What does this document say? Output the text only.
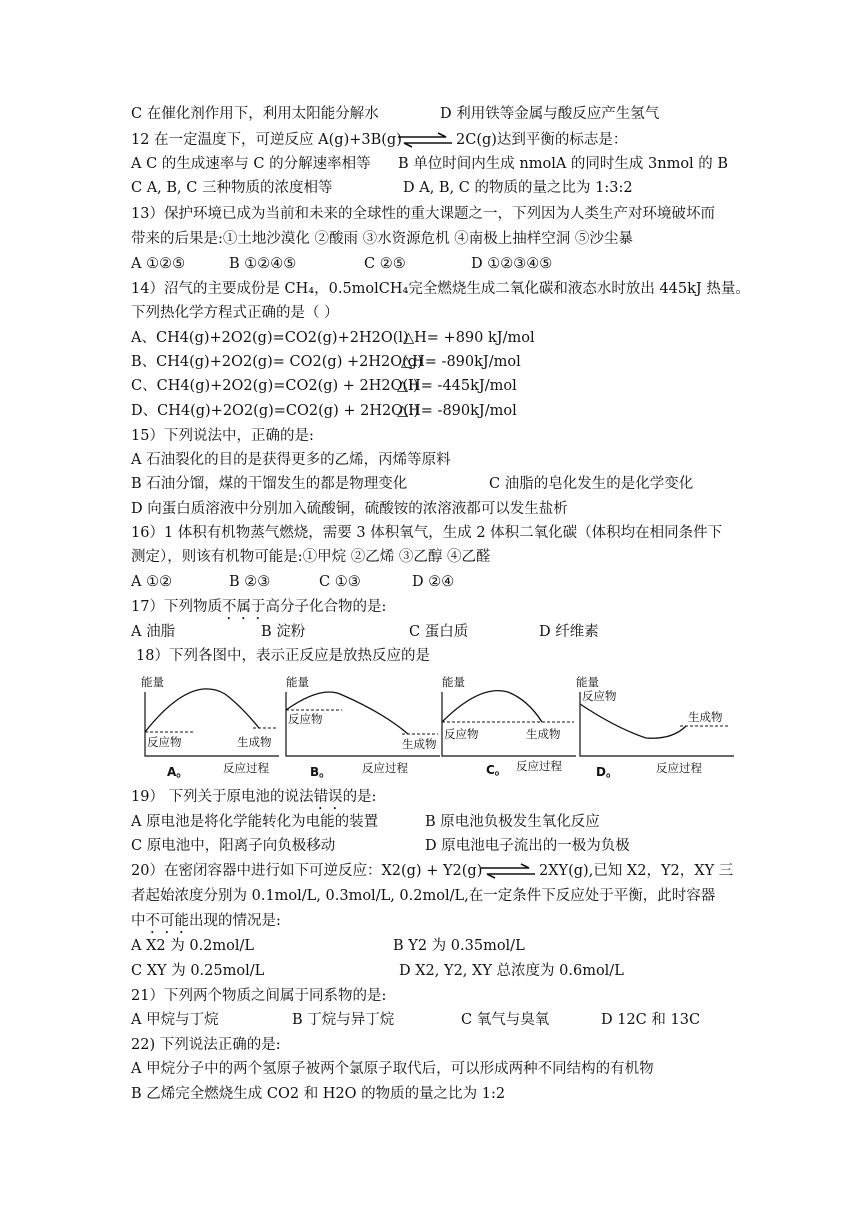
C 在催化剂作用下，利用太阳能分解水	D 利用铁等金属与酸反应产生氢气
12 在一定温度下，可逆反应 A(g)+3B(g) ⇌ 2C(g)达到平衡的标志是：
A C 的生成速率与 C 的分解速率相等 B 单位时间内生成 nmolA 的同时生成 3nmol 的 B
C A, B, C 三种物质的浓度相等	D A, B, C 的物质的量之比为 1:3:2
13）保护环境已成为当前和未来的全球性的重大课题之一，下列因为人类生产对环境破坏而
带来的后果是:①土地沙漠化 ②酸雨 ③水资源危机 ④南极上抽样空洞 ⑤沙尘暴
A ①②⑤	B ①②④⑤	C ②⑤	D ①②③④⑤
14）沼气的主要成份是 CH₄，0.5molCH₄完全燃烧生成二氧化碳和液态水时放出 445kJ 热量。
下列热化学方程式正确的是（ ）
A、CH4(g)+2O2(g)=CO2(g)+2H2O(l)
△H= +890 kJ/mol
B、CH4(g)+2O2(g)= CO2(g) +2H2O(g)
△H= -890kJ/mol
C、CH4(g)+2O2(g)=CO2(g) + 2H2O(l)
△H= -445kJ/mol
D、CH4(g)+2O2(g)=CO2(g) + 2H2O(l)
△H= -890kJ/mol
15）下列说法中，正确的是:
A 石油裂化的目的是获得更多的乙烯，丙烯等原料
B 石油分馏，煤的干馏发生的都是物理变化	C 油脂的皂化发生的是化学变化
D 向蛋白质溶液中分别加入硫酸铜，硫酸铵的浓溶液都可以发生盐析
16）1 体积有机物蒸气燃烧，需要 3 体积氧气，生成 2 体积二氧化碳（体积均在相同条件下
测定），则该有机物可能是:①甲烷 ②乙烯 ③乙醇 ④乙醛
A ①②	B ②③	C ①③	D ②④
17）下列物质不属于高分子化合物的是:
A 油脂	B 淀粉	C 蛋白质	D 纤维素
18）下列各图中，表示正反应是放热反应的是
能量
反应物	生成物
A。	反应过程
能量
反应物
生成物
B。	反应过程
能量
反应物	生成物
C。 反应过程
能量
反应物
生成物
D。	反应过程
19） 下列关于原电池的说法错误的是:
A 原电池是将化学能转化为电能的装置	B 原电池负极发生氧化反应
C 原电池中，阳离子向负极移动	D 原电池电子流出的一极为负极
20）在密闭容器中进行如下可逆反应：X2(g) + Y2(g) ⇌ 2XY(g),已知 X2，Y2，XY 三
者起始浓度分别为 0.1mol/L, 0.3mol/L, 0.2mol/L,在一定条件下反应处于平衡，此时容器
中不可能出现的情况是:
A X2 为 0.2mol/L	B Y2 为 0.35mol/L
C XY 为 0.25mol/L	D X2, Y2, XY 总浓度为 0.6mol/L
21）下列两个物质之间属于同系物的是:
A 甲烷与丁烷	B 丁烷与异丁烷	C 氧气与臭氧	D 12C 和 13C
22) 下列说法正确的是:
A 甲烷分子中的两个氢原子被两个氯原子取代后，可以形成两种不同结构的有机物
B 乙烯完全燃烧生成 CO2 和 H2O 的物质的量之比为 1:2
